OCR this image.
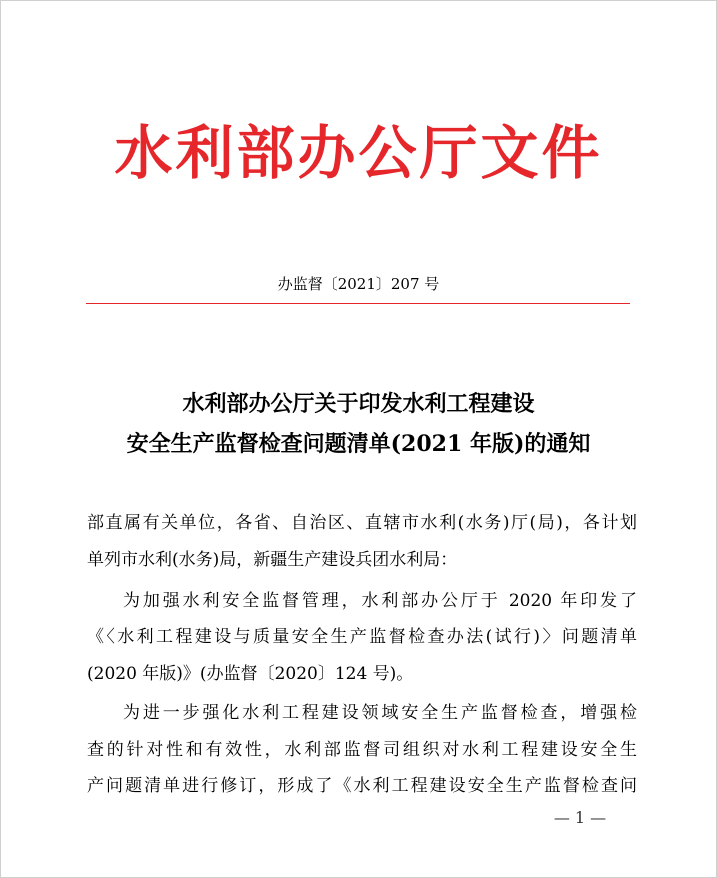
水利部办公厅文件
办监督〔2021〕207 号
水利部办公厅关于印发水利工程建设
安全生产监督检查问题清单(2021 年版)的通知
部直属有关单位，各省、自治区、直辖市水利(水务)厅(局)，各计划
单列市水利(水务)局，新疆生产建设兵团水利局：
为加强水利安全监督管理，水利部办公厅于 2020 年印发了
《〈水利工程建设与质量安全生产监督检查办法(试行)〉问题清单
(2020 年版)》(办监督〔2020〕124 号)。
为进一步强化水利工程建设领域安全生产监督检查，增强检
查的针对性和有效性，水利部监督司组织对水利工程建设安全生
产问题清单进行修订，形成了《水利工程建设安全生产监督检查问
— 1 —
